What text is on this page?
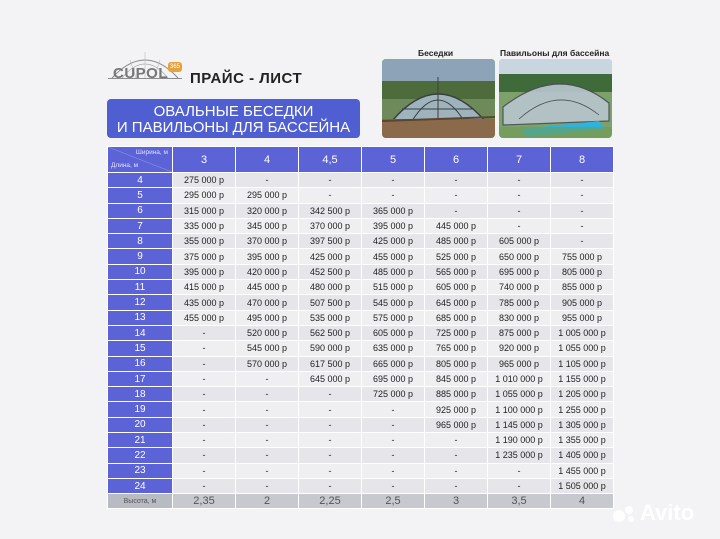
CUPOL 365
ПРАЙС - ЛИСТ
ОВАЛЬНЫЕ БЕСЕДКИ
И ПАВИЛЬОНЫ ДЛЯ БАССЕЙНА
Беседки	Павильоны для бассейна
Ширина, м
Длина, м	3	4	4,5	5	6	7	8
4	275 000 р	-	-	-	-	-	-
5	295 000 р	295 000 р	-	-	-	-	-
6	315 000 р	320 000 р	342 500 р	365 000 р	-	-	-
7	335 000 р	345 000 р	370 000 р	395 000 р	445 000 р	-	-
8	355 000 р	370 000 р	397 500 р	425 000 р	485 000 р	605 000 р	-
9	375 000 р	395 000 р	425 000 р	455 000 р	525 000 р	650 000 р	755 000 р
10	395 000 р	420 000 р	452 500 р	485 000 р	565 000 р	695 000 р	805 000 р
11	415 000 р	445 000 р	480 000 р	515 000 р	605 000 р	740 000 р	855 000 р
12	435 000 р	470 000 р	507 500 р	545 000 р	645 000 р	785 000 р	905 000 р
13	455 000 р	495 000 р	535 000 р	575 000 р	685 000 р	830 000 р	955 000 р
14	-	520 000 р	562 500 р	605 000 р	725 000 р	875 000 р	1 005 000 р
15	-	545 000 р	590 000 р	635 000 р	765 000 р	920 000 р	1 055 000 р
16	-	570 000 р	617 500 р	665 000 р	805 000 р	965 000 р	1 105 000 р
17	-	-	645 000 р	695 000 р	845 000 р	1 010 000 р	1 155 000 р
18	-	-	-	725 000 р	885 000 р	1 055 000 р	1 205 000 р
19	-	-	-	-	925 000 р	1 100 000 р	1 255 000 р
20	-	-	-	-	965 000 р	1 145 000 р	1 305 000 р
21	-	-	-	-	-	1 190 000 р	1 355 000 р
22	-	-	-	-	-	1 235 000 р	1 405 000 р
23	-	-	-	-	-	-	1 455 000 р
24	-	-	-	-	-	-	1 505 000 р
Высота, м	2,35	2	2,25	2,5	3	3,5	4 Avito
